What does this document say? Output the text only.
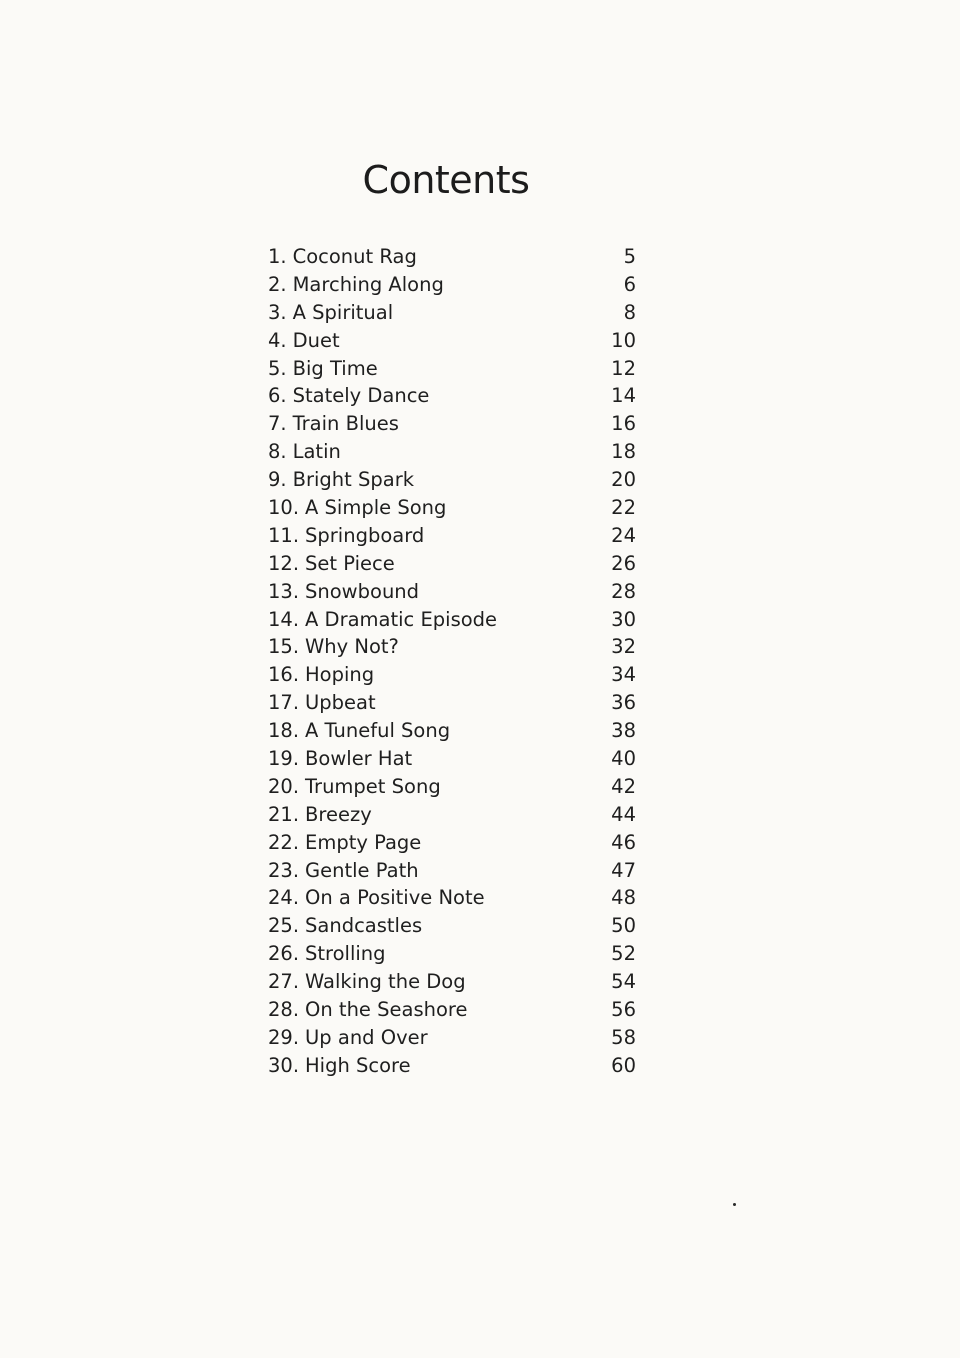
Contents
1. Coconut Rag	5
2. Marching Along	6
3. A Spiritual	8
4. Duet	10
5. Big Time	12
6. Stately Dance	14
7. Train Blues	16
8. Latin	18
9. Bright Spark	20
10. A Simple Song	22
11. Springboard	24
12. Set Piece	26
13. Snowbound	28
14. A Dramatic Episode	30
15. Why Not?	32
16. Hoping	34
17. Upbeat	36
18. A Tuneful Song	38
19. Bowler Hat	40
20. Trumpet Song	42
21. Breezy	44
22. Empty Page	46
23. Gentle Path	47
24. On a Positive Note	48
25. Sandcastles	50
26. Strolling	52
27. Walking the Dog	54
28. On the Seashore	56
29. Up and Over	58
30. High Score	60
